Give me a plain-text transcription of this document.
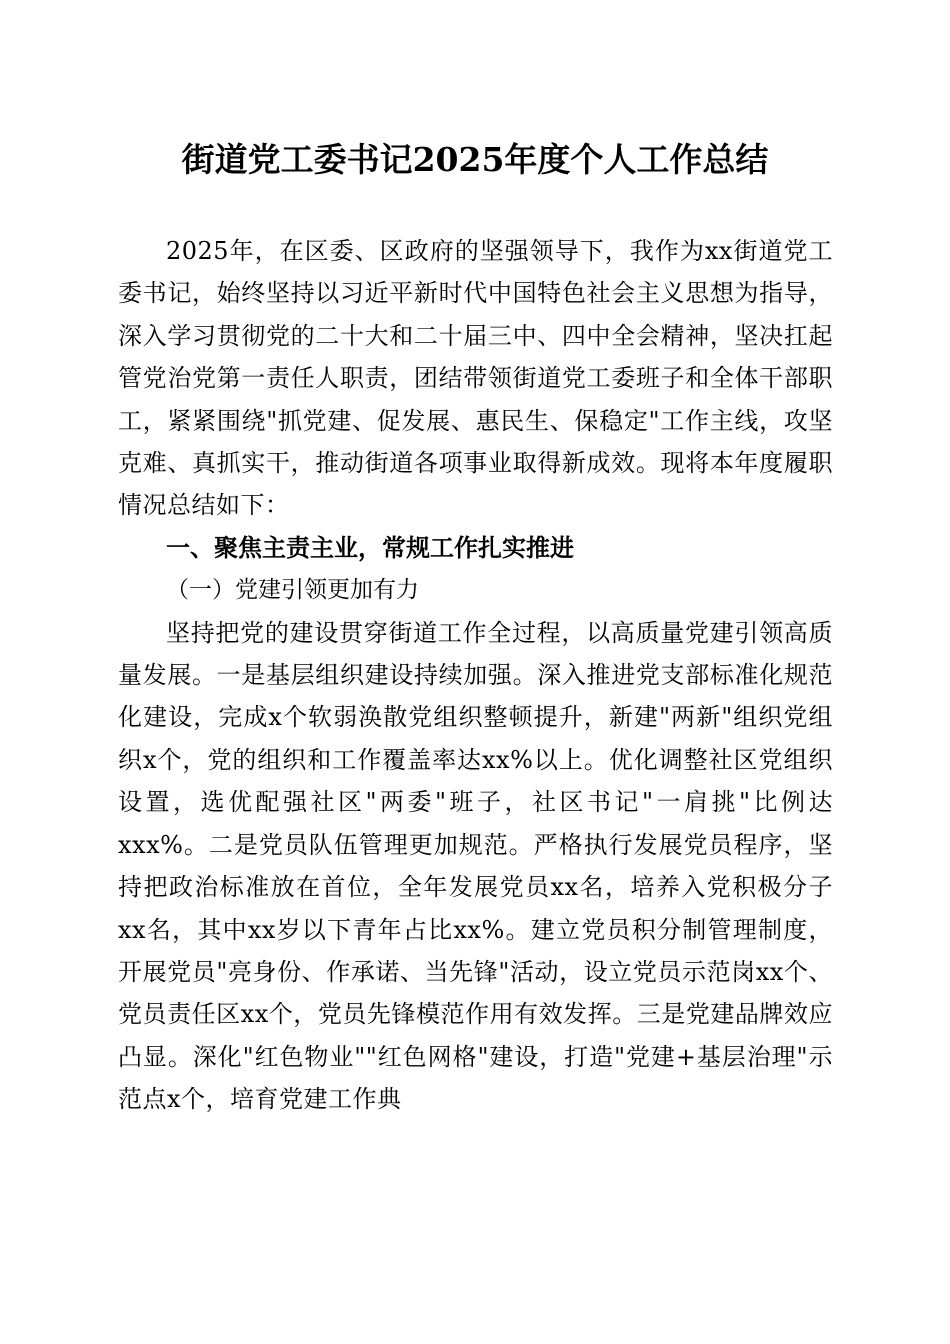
街道党工委书记2025年度个人工作总结

2025年，在区委、区政府的坚强领导下，我作为xx街道党工委书记，始终坚持以习近平新时代中国特色社会主义思想为指导，深入学习贯彻党的二十大和二十届三中、四中全会精神，坚决扛起管党治党第一责任人职责，团结带领街道党工委班子和全体干部职工，紧紧围绕"抓党建、促发展、惠民生、保稳定"工作主线，攻坚克难、真抓实干，推动街道各项事业取得新成效。现将本年度履职情况总结如下：

一、聚焦主责主业，常规工作扎实推进

（一）党建引领更加有力

坚持把党的建设贯穿街道工作全过程，以高质量党建引领高质量发展。一是基层组织建设持续加强。深入推进党支部标准化规范化建设，完成x个软弱涣散党组织整顿提升，新建"两新"组织党组织x个，党的组织和工作覆盖率达xx%以上。优化调整社区党组织设置，选优配强社区"两委"班子，社区书记"一肩挑"比例达xxx%。二是党员队伍管理更加规范。严格执行发展党员程序，坚持把政治标准放在首位，全年发展党员xx名，培养入党积极分子xx名，其中xx岁以下青年占比xx%。建立党员积分制管理制度，开展党员"亮身份、作承诺、当先锋"活动，设立党员示范岗xx个、党员责任区xx个，党员先锋模范作用有效发挥。三是党建品牌效应凸显。深化"红色物业""红色网格"建设，打造"党建+基层治理"示范点x个，培育党建工作典
